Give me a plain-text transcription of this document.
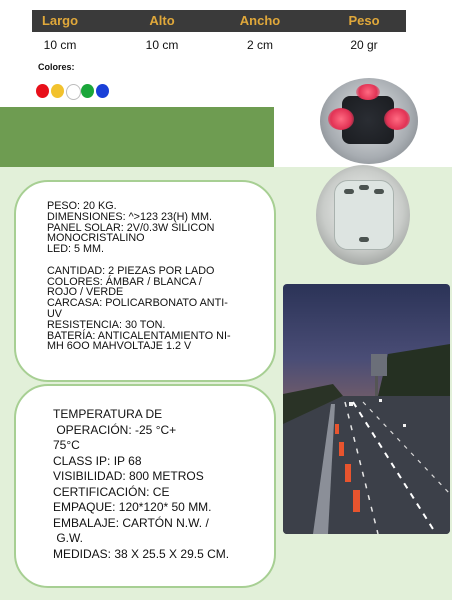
Largo	Alto	Ancho	Peso
10 cm	10 cm	2 cm	20 gr
Colores:
PESO: 20 KG.
DIMENSIONES: ^>123 23(H) MM.
PANEL SOLAR: 2V/0.3W SILICON
MONOCRISTALINO
LED: 5 MM.

CANTIDAD: 2 PIEZAS POR LADO
COLORES: ÁMBAR / BLANCA /
ROJO / VERDE
CARCASA: POLICARBONATO ANTI-
UV
RESISTENCIA: 30 TON.
BATERÍA: ANTICALENTAMIENTO NI-
MH 6OO MAHVOLTAJE 1.2 V
TEMPERATURA DE
OPERACIÓN: -25 °C+
75°C
CLASS IP: IP 68
VISIBILIDAD: 800 METROS
CERTIFICACIÓN: CE
EMPAQUE: 120*120* 50 MM.
EMBALAJE: CARTÓN N.W. /
G.W.
MEDIDAS: 38 X 25.5 X 29.5 CM.
